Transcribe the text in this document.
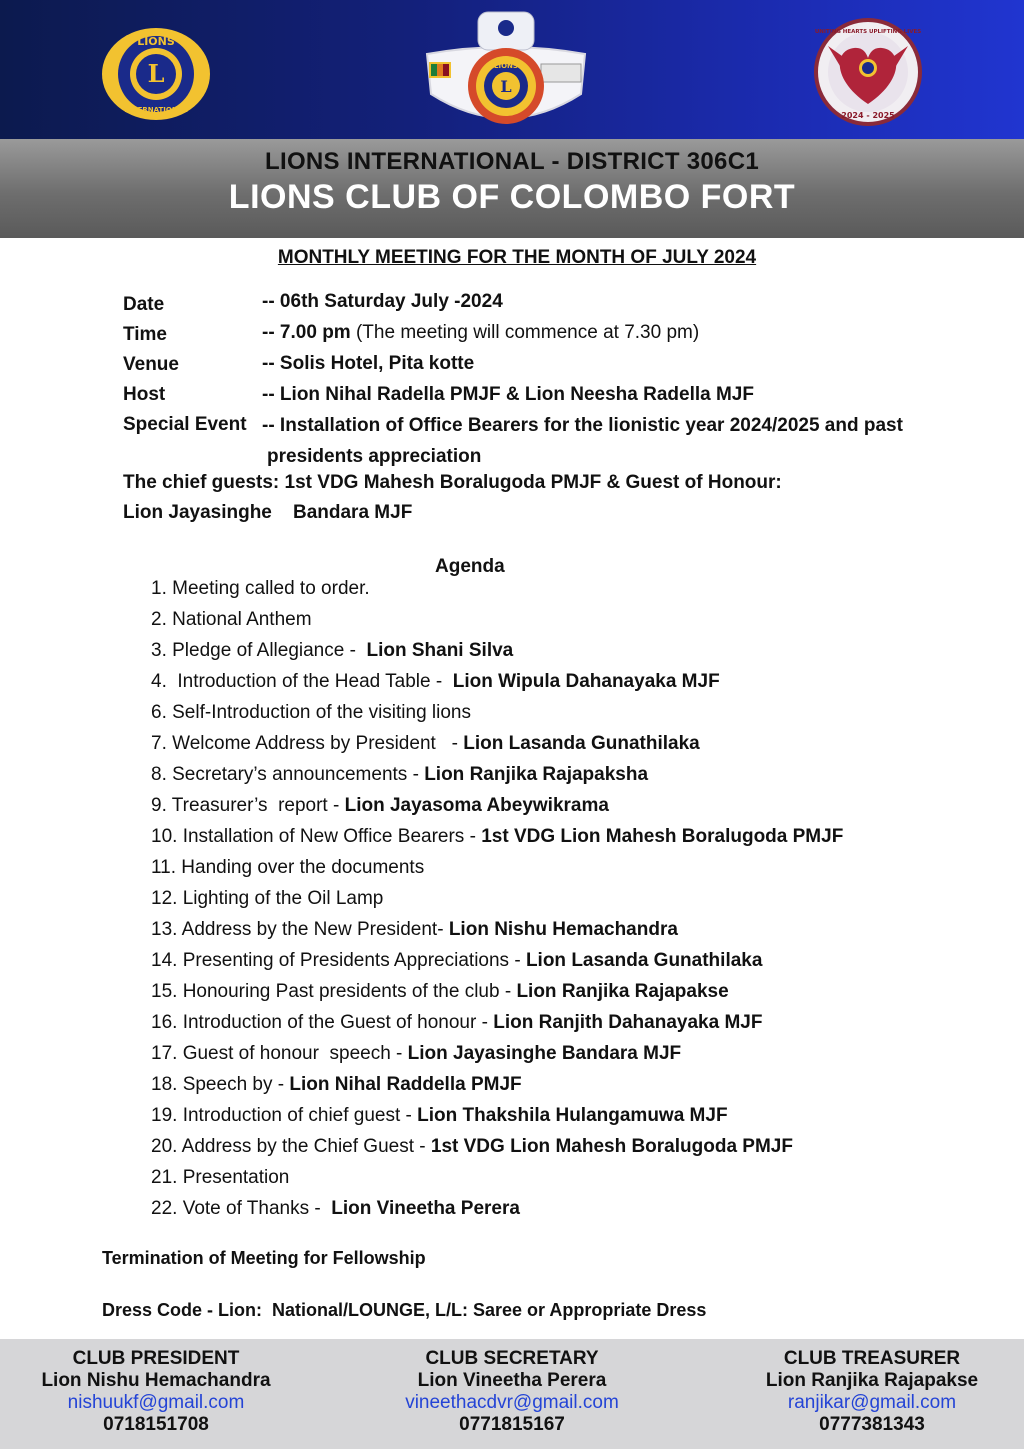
L
LIONS
INTERNATIONAL
L
LIONS
UNITING HEARTS UPLIFTING LIVES
2024 - 2025
LIONS INTERNATIONAL - DISTRICT 306C1
LIONS CLUB OF COLOMBO FORT
MONTHLY MEETING FOR THE MONTH OF JULY 2024
Date	-- 06th Saturday July -2024
Time	-- 7.00 pm (The meeting will commence at 7.30 pm)
Venue	-- Solis Hotel, Pita kotte
Host	-- Lion Nihal Radella PMJF & Lion Neesha Radella MJF
Special Event -- Installation of Office Bearers for the lionistic year 2024/2025 and past
presidents appreciation
The chief guests: 1st VDG Mahesh Boralugoda PMJF & Guest of Honour:
Lion Jayasinghe    Bandara MJF
Agenda
1. Meeting called to order.
2. National Anthem
3. Pledge of Allegiance -  Lion Shani Silva
4.  Introduction of the Head Table -  Lion Wipula Dahanayaka MJF
6. Self-Introduction of the visiting lions
7. Welcome Address by President   - Lion Lasanda Gunathilaka
8. Secretary’s announcements - Lion Ranjika Rajapaksha
9. Treasurer’s  report - Lion Jayasoma Abeywikrama
10. Installation of New Office Bearers - 1st VDG Lion Mahesh Boralugoda PMJF
11. Handing over the documents
12. Lighting of the Oil Lamp
13. Address by the New President- Lion Nishu Hemachandra
14. Presenting of Presidents Appreciations - Lion Lasanda Gunathilaka
15. Honouring Past presidents of the club - Lion Ranjika Rajapakse
16. Introduction of the Guest of honour - Lion Ranjith Dahanayaka MJF
17. Guest of honour  speech - Lion Jayasinghe Bandara MJF
18. Speech by - Lion Nihal Raddella PMJF
19. Introduction of chief guest - Lion Thakshila Hulangamuwa MJF
20. Address by the Chief Guest - 1st VDG Lion Mahesh Boralugoda PMJF
21. Presentation
22. Vote of Thanks -  Lion Vineetha Perera
Termination of Meeting for Fellowship
Dress Code - Lion:  National/LOUNGE, L/L: Saree or Appropriate Dress
CLUB PRESIDENT
Lion Nishu Hemachandra
nishuukf@gmail.com
0718151708
CLUB SECRETARY
Lion Vineetha Perera
vineethacdvr@gmail.com
0771815167
CLUB TREASURER
Lion Ranjika Rajapakse
ranjikar@gmail.com
0777381343
